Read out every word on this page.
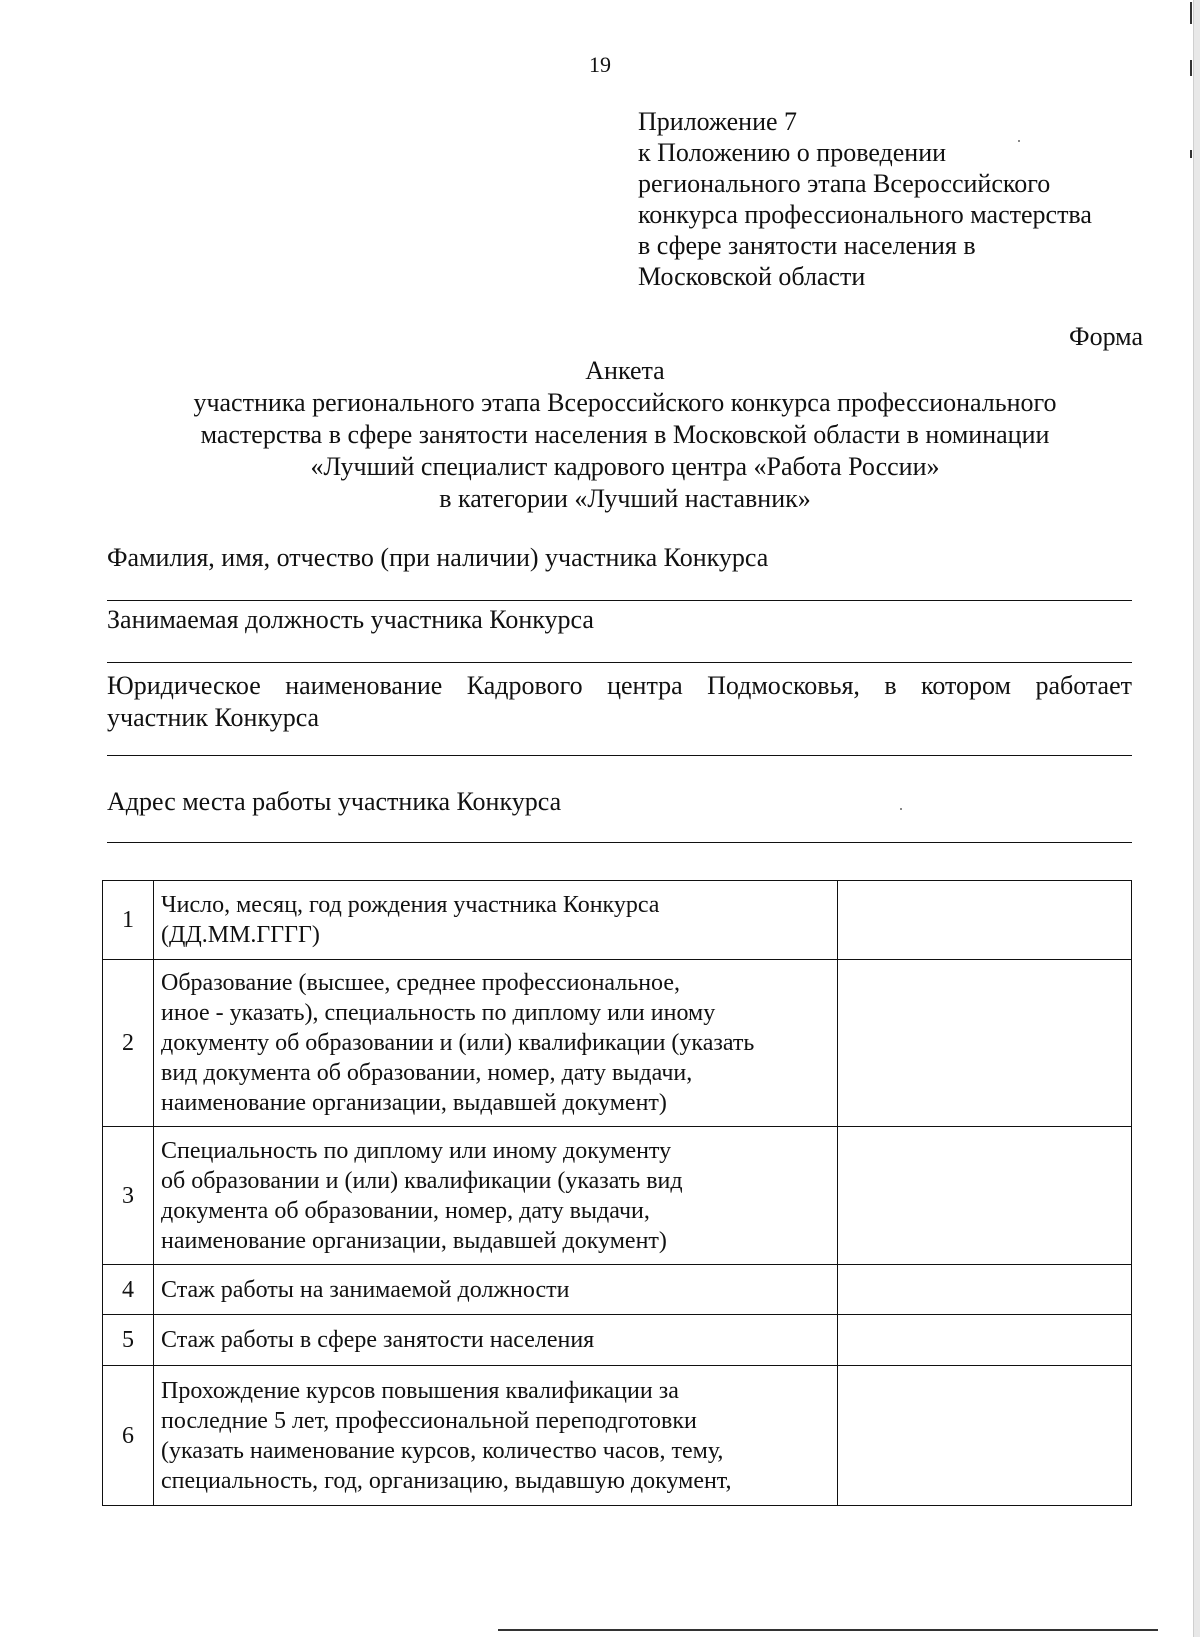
19
Приложение 7
к Положению о проведении
регионального этапа Всероссийского
конкурса профессионального мастерства
в сфере занятости населения в
Московской области
Форма
Анкета
участника регионального этапа Всероссийского конкурса профессионального
мастерства в сфере занятости населения в Московской области в номинации
«Лучший специалист кадрового центра «Работа России»
в категории «Лучший наставник»
Фамилия, имя, отчество (при наличии) участника Конкурса
Занимаемая должность участника Конкурса
Юридическое наименование Кадрового центра Подмосковья, в котором работает
участник Конкурса
Адрес места работы участника Конкурса
1	Число, месяц, год рождения участника Конкурса
(ДД.ММ.ГГГГ)	

2	Образование (высшее, среднее профессиональное,
иное - указать), специальность по диплому или иному
документу об образовании и (или) квалификации (указать
вид документа об образовании, номер, дату выдачи,
наименование организации, выдавшей документ)	

3	Специальность по диплому или иному документу
об образовании и (или) квалификации (указать вид
документа об образовании, номер, дату выдачи,
наименование организации, выдавшей документ)	

4	Стаж работы на занимаемой должности	

5	Стаж работы в сфере занятости населения	

6	Прохождение курсов повышения квалификации за
последние 5 лет, профессиональной переподготовки
(указать наименование курсов, количество часов, тему,
специальность, год, организацию, выдавшую документ,	
